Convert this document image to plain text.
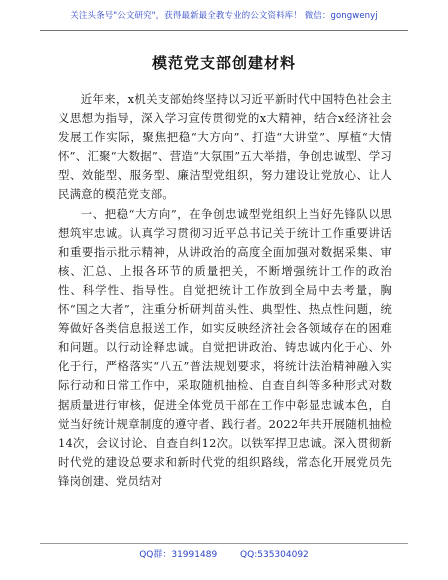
关注头条号"公文研究"，获得最新最全教专业的公文资料库！ 微信：gongwenyj
模范党支部创建材料

近年来，x机关支部始终坚持以习近平新时代中国特色社会主义思想为指导，深入学习宣传贯彻党的x大精神，结合x经济社会发展工作实际，聚焦把稳“大方向”、打造“大讲堂”、厚植“大情怀”、汇聚“大数据”、营造“大氛围”五大举措，争创忠诚型、学习型、效能型、服务型、廉洁型党组织，努力建设让党放心、让人民满意的模范党支部。

一、把稳“大方向”，在争创忠诚型党组织上当好先锋队以思想筑牢忠诚。认真学习贯彻习近平总书记关于统计工作重要讲话和重要指示批示精神，从讲政治的高度全面加强对数据采集、审核、汇总、上报各环节的质量把关，不断增强统计工作的政治性、科学性、指导性。自觉把统计工作放到全局中去考量，胸怀“国之大者”，注重分析研判苗头性、典型性、热点性问题，统筹做好各类信息报送工作，如实反映经济社会各领域存在的困难和问题。以行动诠释忠诚。自觉把讲政治、铸忠诚内化于心、外化于行，严格落实“八五”普法规划要求，将统计法治精神融入实际行动和日常工作中，采取随机抽检、自查自纠等多种形式对数据质量进行审核，促进全体党员干部在工作中彰显忠诚本色，自觉当好统计规章制度的遵守者、践行者。2022年共开展随机抽检14次，会议讨论、自查自纠12次。以铁军捍卫忠诚。深入贯彻新时代党的建设总要求和新时代党的组织路线，常态化开展党员先锋岗创建、党员结对

QQ群：31991489	QQ:535304092
